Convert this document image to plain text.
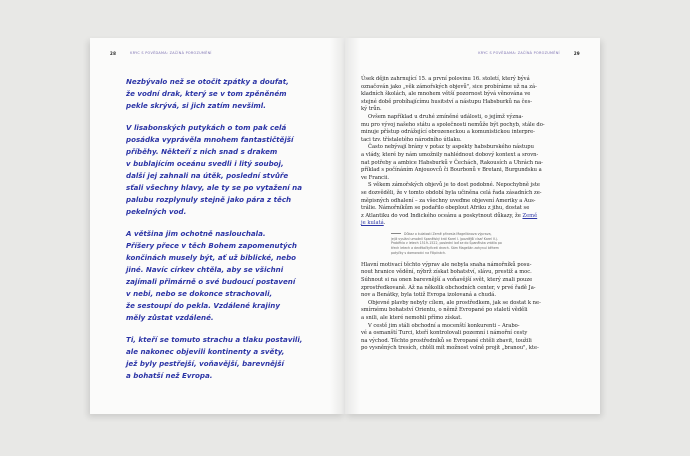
28	KRYC S POVĚDAMA: ZAČÍNÁ POROZUMĚNÍ

Nezbývalo než se otočit zpátky a doufat,
že vodní drak, který se v tom zpěněném
pekle skrývá, si jich zatím nevšiml.

V lisabonských putykách o tom pak celá
posádka vyprávěla mnohem fantastičtější
příběhy. Někteří z nich snad s drakem
v bublajícím oceánu svedli i litý souboj,
další jej zahnali na útěk, poslední stvůře
sťali všechny hlavy, ale ty se po vytažení na
palubu rozplynuly stejně jako pára z těch
pekelných vod.

A většina jim ochotně naslouchala.
Příšery přece v těch Bohem zapomenutých
končinách musely být, ať už biblické, nebo
jiné. Navíc církev chtěla, aby se všichni
zajímali přimárně o své budoucí postavení
v nebi, nebo se dokonce strachovali,
že sestoupí do pekla. Vzdálené krajiny
měly zůstat vzdálené.

Ti, kteří se tomuto strachu a tlaku postavili,
ale nakonec objevili kontinenty a světy,
jež byly pestřejší, voňavější, barevnější
a bohatší než Evropa.

KRYC S POVĚDAMA: ZAČÍNÁ POROZUMĚNÍ	29

Úsek dějin zahrnující 15. a první polovinu 16. století, který bývá
označován jako „věk zámořských objevů", sice probíráme už na zá-
kladních školách, ale mnohem větší pozornost bývá věnována ve
stejné době probíhajícímu husitství a nástupu Habsburků na čes-
ký trůn.

Ovšem například u druhé zmíněné události, o jejímž význa-
mu pro vývoj našeho státu a společnosti nemůže být pochyb, stále do-
minuje přístup odrážející obrozeneckou a komunistickou interpre-
taci tzv. třístaletého národního útlaku.

Často nebývají brány v potaz ty aspekty habsburského nástupu
a vlády, které by nám umožnily nahlédnout dobový kontext a srovn-
nat potřeby a ambice Habsburků v Čechách, Rakousích a Uhrách na-
příklad s počínáním Anjouovců či Bourbonů v Bretani, Burgundsku a
ve Francii.

S věkem zámořských objevů je to dost podobné. Nepochybně jste
se dozvěděli, že v tomto období byla učiněna celá řada zásadních ze-
měpisných odhalení – za všechny uveďme objevení Ameriky a Aus-
trálie. Námořníkům se podařilo obeplout Afriku z jihu, dostat se
z Atlantiku do vod Indického oceánu a poskytnout důkazy, že Země
je kulatá.

Důkaz o kulatosti Země přinesla Magellánova výprava,
jejíž vyslání umožnil španělský král Karel I. (pozdější císař Karel V.).
Proběhla v letech 1519–1522, poslední loď se do Španělska vrátila po
třech letech a devětačtyřiceti dnech. Sám Magellán zahynul během
potyčky s domorodci na Filipínách.

Hlavní motivací těchto výprav ale nebyla snaha námořníků posu-
nout hranice vědění, nýbrž získat bohatství, slávu, prestiž a moc.
Súhnout si na onen barevnější a voňavější svět, který znali pouze
zprostředkovaně. Až na několik obchodních center, v prvé řadě Ja-
nov a Benátky, byla totiž Evropa izolovaná a chudá.

Objevné plavby nebyly cílem, ale prostředkem, jak se dostat k ne-
smírnému bohatství Orientu, o němž Evropané po staletí věděli
a snili, ale které nemohli přímo získat.

V cestě jim stáli obchodní a mocenští konkurenti – Arabo-
vé a osmanští Turci, kteří kontrolovali pozemní i námořní cesty
na východ. Těchto prostředníků se Evropané chtěli zbavit, toužili
po vysněných tresích, chtěli mít možnost volně projít „branou", kte-
